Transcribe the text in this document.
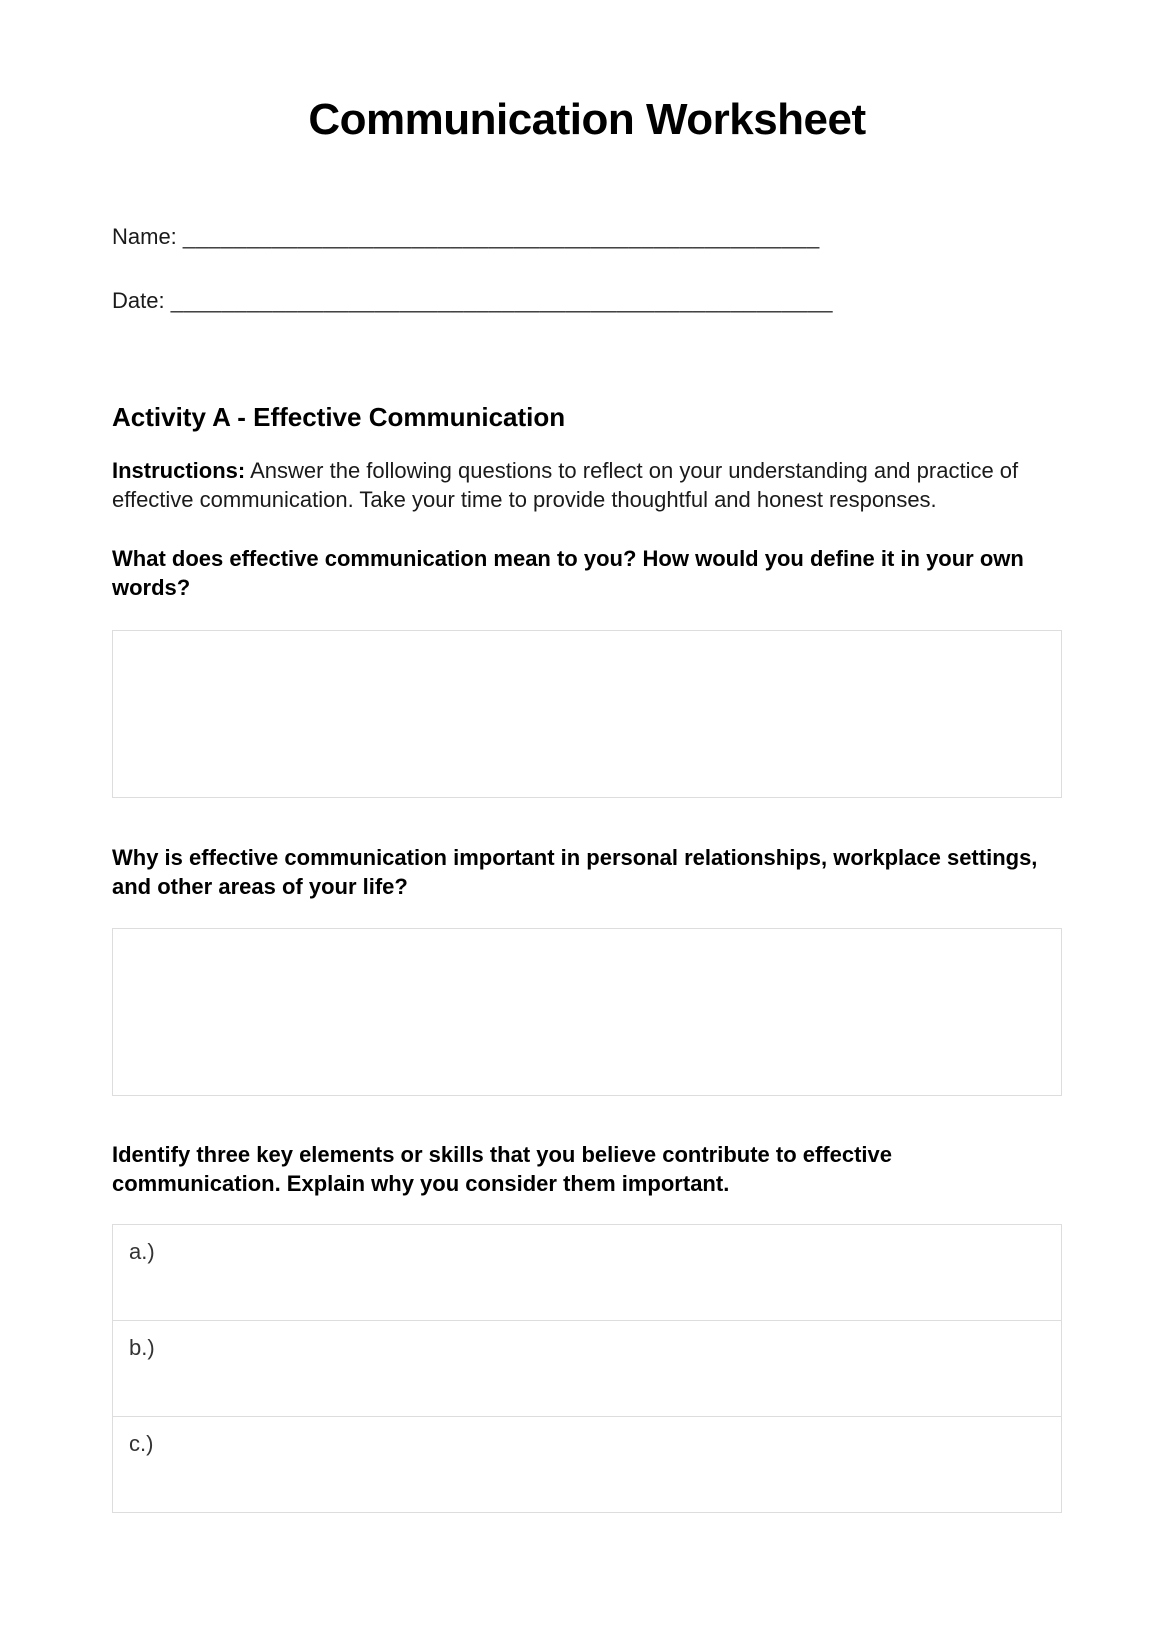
Communication Worksheet
Name: __________________________________________________
Date: ____________________________________________________
Activity A - Effective Communication
Instructions: Answer the following questions to reflect on your understanding and practice of effective communication. Take your time to provide thoughtful and honest responses.
What does effective communication mean to you? How would you define it in your own words?
Why is effective communication important in personal relationships, workplace settings, and other areas of your life?
Identify three key elements or skills that you believe contribute to effective communication. Explain why you consider them important.
a.)
b.)
c.)
